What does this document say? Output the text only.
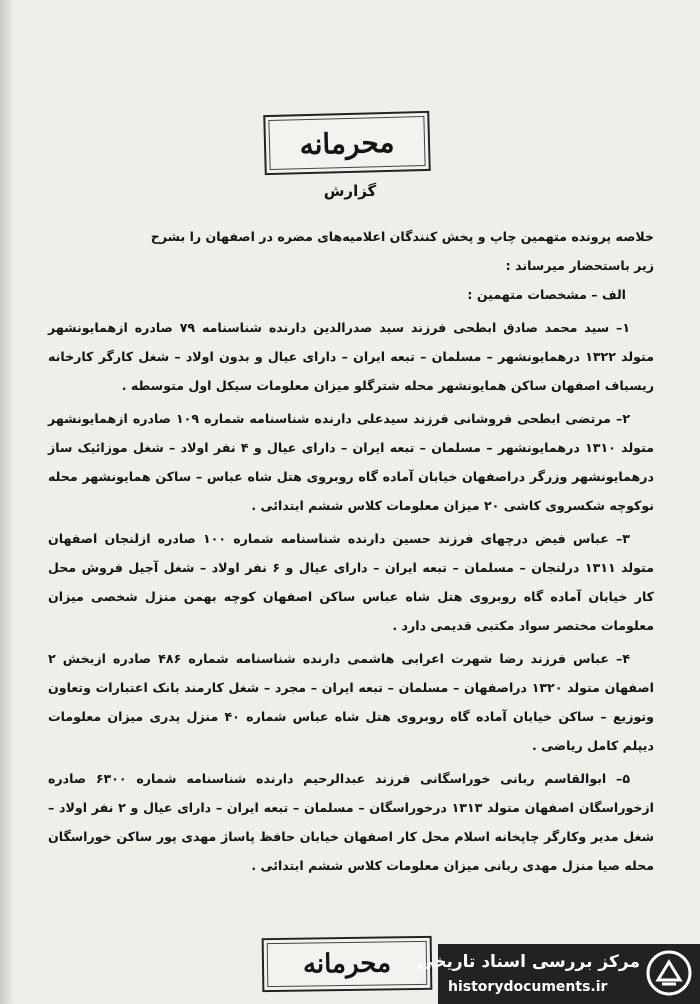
محرمانه
گزارش

خلاصه پرونده متهمین چاپ و پخش کنندگان اعلامیه‌های مضره در اصفهان را بشرح

زیر باستحضار میرساند :

الف – مشخصات متهمین :

۱– سید محمد صادق ابطحی فرزند سید صدرالدین دارنده شناسنامه ۷۹ صادره ازهمایونشهر متولد ۱۳۲۲ درهمایونشهر – مسلمان – تبعه ایران – دارای عیال و بدون اولاد – شغل کارگر کارخانه ریسباف اصفهان ساکن همایونشهر محله شترگلو میزان معلومات سیکل اول متوسطه .

۲– مرتضی ابطحی فروشانی فرزند سیدعلی دارنده شناسنامه شماره ۱۰۹ صادره ازهمایونشهر متولد ۱۳۱۰ درهمایونشهر – مسلمان – تبعه ایران – دارای عیال و ۴ نفر اولاد – شغل موزائیک ساز درهمایونشهر وزرگر دراصفهان خیابان آماده گاه روبروی هتل شاه عباس – ساکن همایونشهر محله نوکوچه شکسروی کاشی ۲۰ میزان معلومات کلاس ششم ابتدائی .

۳– عباس فیض درچهای فرزند حسین دارنده شناسنامه شماره ۱۰۰ صادره ازلنجان اصفهان متولد ۱۳۱۱ درلنجان – مسلمان – تبعه ایران – دارای عیال و ۶ نفر اولاد – شغل آجیل فروش محل کار خیابان آماده گاه روبروی هتل شاه عباس ساکن اصفهان کوچه بهمن منزل شخصی میزان معلومات مختصر سواد مکتبی قدیمی دارد .

۴– عباس فرزند رضا شهرت اعرابی هاشمی دارنده شناسنامه شماره ۴۸۶ صادره ازبخش ۲ اصفهان متولد ۱۳۲۰ دراصفهان – مسلمان – تبعه ایران – مجرد – شغل کارمند بانک اعتبارات وتعاون وتوزیع – ساکن خیابان آماده گاه روبروی هتل شاه عباس شماره ۴۰ منزل پدری میزان معلومات دیپلم کامل ریاضی .

۵– ابوالقاسم ربانی خوراسگانی فرزند عبدالرحیم دارنده شناسنامه شماره ۶۳۰۰ صادره ازخوراسگان اصفهان متولد ۱۳۱۳ درخوراسگان – مسلمان – تبعه ایران – دارای عیال و ۲ نفر اولاد – شغل مدیر وکارگر چاپخانه اسلام محل کار اصفهان خیابان حافظ پاساژ مهدی پور ساکن خوراسگان محله صیا منزل مهدی ربانی میزان معلومات کلاس ششم ابتدائی .

محرمانه مرکز بررسی اسناد تاریخی
historydocuments.ir
